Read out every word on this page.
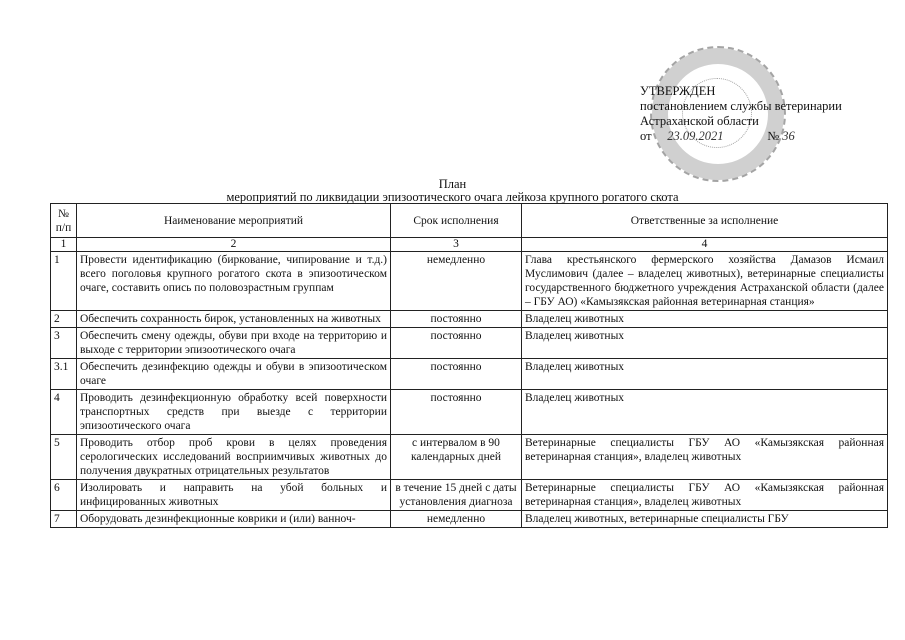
УТВЕРЖДЕН
постановлением службы ветеринарии
Астраханской области
от 23.09.2021	№ 36
План
мероприятий по ликвидации эпизоотического очага лейкоза крупного рогатого скота
№ п/п	Наименование мероприятий	Срок исполнения	Ответственные за исполнение
1	2	3	4
1	Провести идентификацию (биркование, чипирование и т.д.) всего поголовья крупного рогатого скота в эпизоотическом очаге, составить опись по половозрастным группам	немедленно	Глава крестьянского фермерского хозяйства Дамазов Исмаил Муслимович (далее – владелец животных), ветеринарные специалисты государственного бюджетного учреждения Астраханской области (далее – ГБУ АО) «Камызякская районная ветеринарная станция»
2	Обеспечить сохранность бирок, установленных на животных	постоянно	Владелец животных
3	Обеспечить смену одежды, обуви при входе на территорию и выходе с территории эпизоотического очага	постоянно	Владелец животных
3.1	Обеспечить дезинфекцию одежды и обуви в эпизоотическом очаге	постоянно	Владелец животных
4	Проводить дезинфекционную обработку всей поверхности транспортных средств при выезде с территории эпизоотического очага	постоянно	Владелец животных
5	Проводить отбор проб крови в целях проведения серологических исследований восприимчивых животных до получения двукратных отрицательных результатов	с интервалом в 90 календарных дней	Ветеринарные специалисты ГБУ АО «Камызякская районная ветеринарная станция», владелец животных
6	Изолировать и направить на убой больных и инфицированных животных	в течение 15 дней с даты установления диагноза	Ветеринарные специалисты ГБУ АО «Камызякская районная ветеринарная станция», владелец животных
7	Оборудовать дезинфекционные коврики и (или) ванноч-	немедленно	Владелец животных, ветеринарные специалисты ГБУ
